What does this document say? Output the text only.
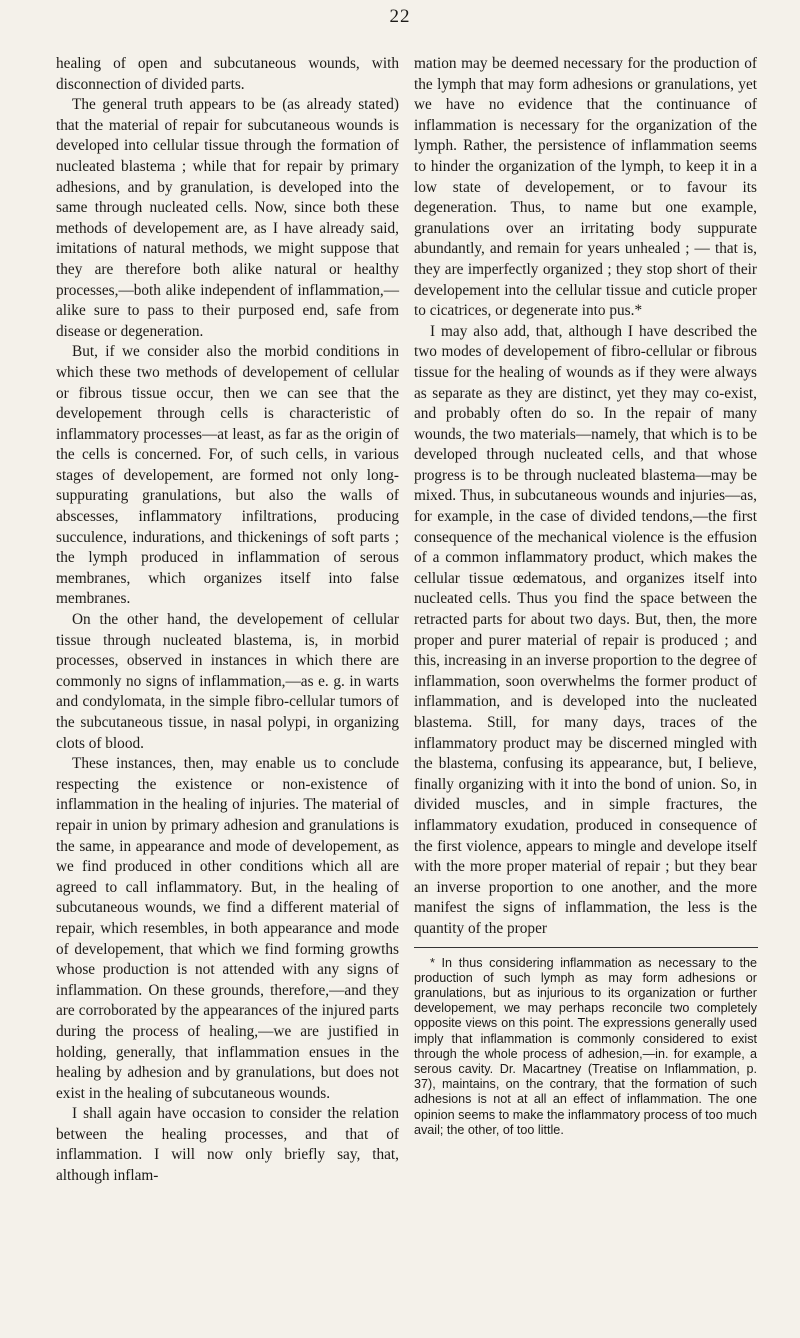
22

healing of open and subcutaneous wounds, with disconnection of divided parts.

The general truth appears to be (as already stated) that the material of repair for subcutaneous wounds is developed into cellular tissue through the formation of nucleated blastema ; while that for repair by primary adhesions, and by granulation, is developed into the same through nucleated cells. Now, since both these methods of developement are, as I have already said, imitations of natural methods, we might suppose that they are therefore both alike natural or healthy processes,—both alike independent of inflammation,—alike sure to pass to their purposed end, safe from disease or degeneration.

But, if we consider also the morbid conditions in which these two methods of developement of cellular or fibrous tissue occur, then we can see that the developement through cells is characteristic of inflammatory processes—at least, as far as the origin of the cells is concerned. For, of such cells, in various stages of developement, are formed not only long-suppurating granulations, but also the walls of abscesses, inflammatory infiltrations, producing succulence, indurations, and thickenings of soft parts ; the lymph produced in inflammation of serous membranes, which organizes itself into false membranes.

On the other hand, the developement of cellular tissue through nucleated blastema, is, in morbid processes, observed in instances in which there are commonly no signs of inflammation,—as e. g. in warts and condylomata, in the simple fibro-cellular tumors of the subcutaneous tissue, in nasal polypi, in organizing clots of blood.

These instances, then, may enable us to conclude respecting the existence or non-existence of inflammation in the healing of injuries. The material of repair in union by primary adhesion and granulations is the same, in appearance and mode of developement, as we find produced in other conditions which all are agreed to call inflammatory. But, in the healing of subcutaneous wounds, we find a different material of repair, which resembles, in both appearance and mode of developement, that which we find forming growths whose production is not attended with any signs of inflammation. On these grounds, therefore,—and they are corroborated by the appearances of the injured parts during the process of healing,—we are justified in holding, generally, that inflammation ensues in the healing by adhesion and by granulations, but does not exist in the healing of subcutaneous wounds.

I shall again have occasion to consider the relation between the healing processes, and that of inflammation. I will now only briefly say, that, although inflam-

mation may be deemed necessary for the production of the lymph that may form adhesions or granulations, yet we have no evidence that the continuance of inflammation is necessary for the organization of the lymph. Rather, the persistence of inflammation seems to hinder the organization of the lymph, to keep it in a low state of developement, or to favour its degeneration. Thus, to name but one example, granulations over an irritating body suppurate abundantly, and remain for years unhealed ; — that is, they are imperfectly organized ; they stop short of their developement into the cellular tissue and cuticle proper to cicatrices, or degenerate into pus.*

I may also add, that, although I have described the two modes of developement of fibro-cellular or fibrous tissue for the healing of wounds as if they were always as separate as they are distinct, yet they may co-exist, and probably often do so. In the repair of many wounds, the two materials—namely, that which is to be developed through nucleated cells, and that whose progress is to be through nucleated blastema—may be mixed. Thus, in subcutaneous wounds and injuries—as, for example, in the case of divided tendons,—the first consequence of the mechanical violence is the effusion of a common inflammatory product, which makes the cellular tissue œdematous, and organizes itself into nucleated cells. Thus you find the space between the retracted parts for about two days. But, then, the more proper and purer material of repair is produced ; and this, increasing in an inverse proportion to the degree of inflammation, soon overwhelms the former product of inflammation, and is developed into the nucleated blastema. Still, for many days, traces of the inflammatory product may be discerned mingled with the blastema, confusing its appearance, but, I believe, finally organizing with it into the bond of union. So, in divided muscles, and in simple fractures, the inflammatory exudation, produced in consequence of the first violence, appears to mingle and develope itself with the more proper material of repair ; but they bear an inverse proportion to one another, and the more manifest the signs of inflammation, the less is the quantity of the proper

* In thus considering inflammation as necessary to the production of such lymph as may form adhesions or granulations, but as injurious to its organization or further developement, we may perhaps reconcile two completely opposite views on this point. The expressions generally used imply that inflammation is commonly considered to exist through the whole process of adhesion,—in. for example, a serous cavity. Dr. Macartney (Treatise on Inflammation, p. 37), maintains, on the contrary, that the formation of such adhesions is not at all an effect of inflammation. The one opinion seems to make the inflammatory process of too much avail; the other, of too little.
